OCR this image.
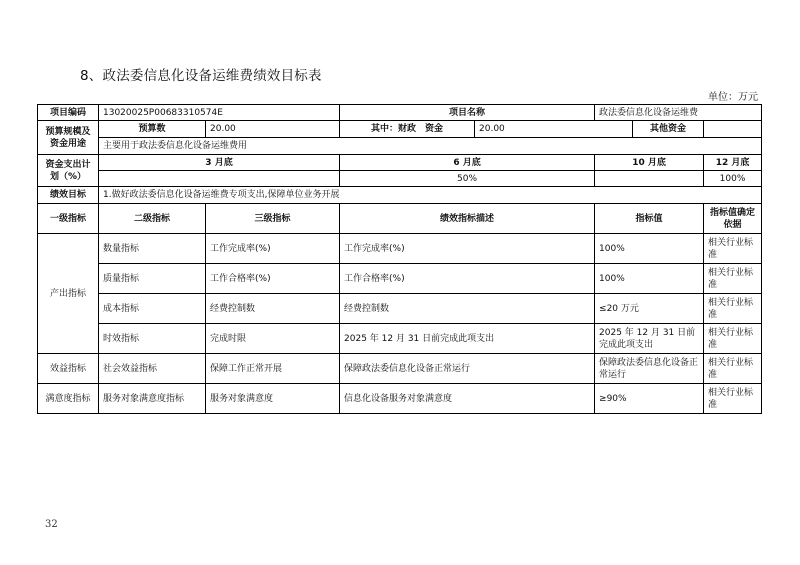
8、政法委信息化设备运维费绩效目标表
单位：万元
项目编码	13020025P00683310574E		项目名称		政法委信息化设备运维费		
预算规模及资金用途	预算数	20.00	其中：财政　资金	20.00		其他资金	
	主要用于政法委信息化设备运维费用						
资金支出计划（%）	3 月底		6 月底		10 月底		12 月底
			50%				100%
绩效目标	1.做好政法委信息化设备运维费专项支出,保障单位业务开展						
一级指标	二级指标	三级指标	绩效指标描述		指标值		指标值确定依据
产出指标	数量指标	工作完成率(%)	工作完成率(%)		100%		相关行业标准
	质量指标	工作合格率(%)	工作合格率(%)		100%		相关行业标准
	成本指标	经费控制数	经费控制数		≤20 万元		相关行业标准
	时效指标	完成时限	2025 年 12 月 31 日前完成此项支出		2025 年 12 月 31 日前完成此项支出		相关行业标准
效益指标	社会效益指标	保障工作正常开展	保障政法委信息化设备正常运行		保障政法委信息化设备正常运行		相关行业标准
满意度指标	服务对象满意度指标	服务对象满意度	信息化设备服务对象满意度		≥90%		相关行业标准
32
